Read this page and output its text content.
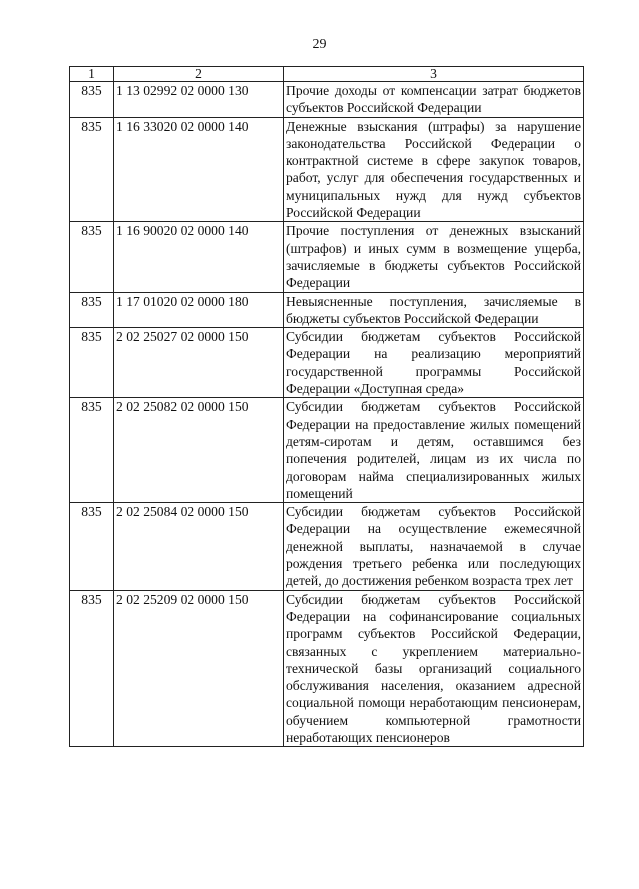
29
1	2	3
835	1 13 02992 02 0000 130	Прочие доходы от компенсации затрат бюджетов субъектов Российской Федерации
835	1 16 33020 02 0000 140	Денежные взыскания (штрафы) за нарушение законодательства Российской Федерации о контрактной системе в сфере закупок товаров, работ, услуг для обеспечения государственных и муниципальных нужд для нужд субъектов Российской Федерации
835	1 16 90020 02 0000 140	Прочие поступления от денежных взысканий (штрафов) и иных сумм в возмещение ущерба, зачисляемые в бюджеты субъектов Российской Федерации
835	1 17 01020 02 0000 180	Невыясненные поступления, зачисляемые в бюджеты субъектов Российской Федерации
835	2 02 25027 02 0000 150	Субсидии бюджетам субъектов Российской Федерации на реализацию мероприятий государственной программы Российской Федерации «Доступная среда»
835	2 02 25082 02 0000 150	Субсидии бюджетам субъектов Российской Федерации на предоставление жилых помещений детям-сиротам и детям, оставшимся без попечения родителей, лицам из их числа по договорам найма специализированных жилых помещений
835	2 02 25084 02 0000 150	Субсидии бюджетам субъектов Российской Федерации на осуществление ежемесячной денежной выплаты, назначаемой в случае рождения третьего ребенка или последующих детей, до достижения ребенком возраста трех лет
835	2 02 25209 02 0000 150	Субсидии бюджетам субъектов Российской Федерации на софинансирование социальных программ субъектов Российской Федерации, связанных с укреплением материально-технической базы организаций социального обслуживания населения, оказанием адресной социальной помощи неработающим пенсионерам, обучением компьютерной грамотности неработающих пенсионеров
